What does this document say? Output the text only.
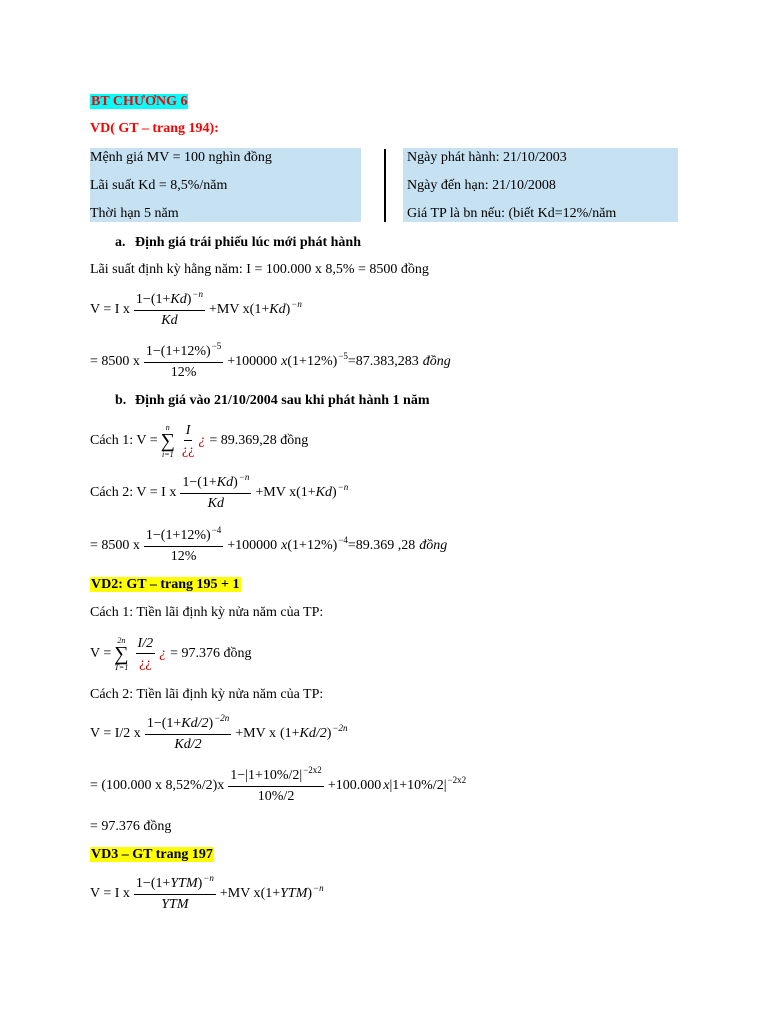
BT CHƯƠNG 6
VD( GT – trang 194):
Mệnh giá MV = 100 nghìn đồng
Lãi suất Kd = 8,5%/năm
Thời hạn 5 năm
Ngày phát hành: 21/10/2003
Ngày đến hạn: 21/10/2008
Giá TP là bn nếu: (biết Kd=12%/năm
a. Định giá trái phiếu lúc mới phát hành
Lãi suất định kỳ hằng năm: I = 100.000 x 8,5% = 8500 đồng
V = I x $\frac{1-(1+Kd)^{-n}}{Kd} +MV$ x $(1+Kd)^{-n}$
= 8500 x $\frac{1-(1+12\%)^{-5}}{12\%} +100000$ x $(1+12\%)^{-5} =87.383,283$ đồng
b. Định giá vào 21/10/2004 sau khi phát hành 1 năm
Cách 1: V =
n
∑
$i=1 \frac{I}{¿¿}$ ¿ = 89.369,28 đồng
Cách 2: V = I x $\frac{1-(1+Kd)^{-n}}{Kd} +MV$ x $(1+Kd)^{-n}$
= 8500 x $\frac{1-(1+12\%)^{-4}}{12\%} +100000$ x $(1+12\%)^{-4} =89.369$ ,28 đồng
VD2: GT – trang 195 + 1
Cách 1: Tiền lãi định kỳ nửa năm của TP:
V =
2n
∑
$T=1 \frac{I/2}{¿¿}$ ¿ = 97.376 đồng
Cách 2: Tiền lãi định kỳ nửa năm của TP:
V = I/2 x $\frac{1-(1+Kd/2)^{-2n}}{Kd/2} +MV$ x $(1+Kd/2)^{-2n}$
= (100.000 x $8,52\%/2)x \frac{1-|1+10\%/2|^{-2x2}}{10\%/2} +100.000$ x $|1+10\%/2|^{-2x2}$
= 97.376 đồng
VD3 – GT trang 197
V = I x $\frac{1-(1+YTM)^{-n}}{\text{YTM}} +MV$ x $(1+YTM)^{-n}$
